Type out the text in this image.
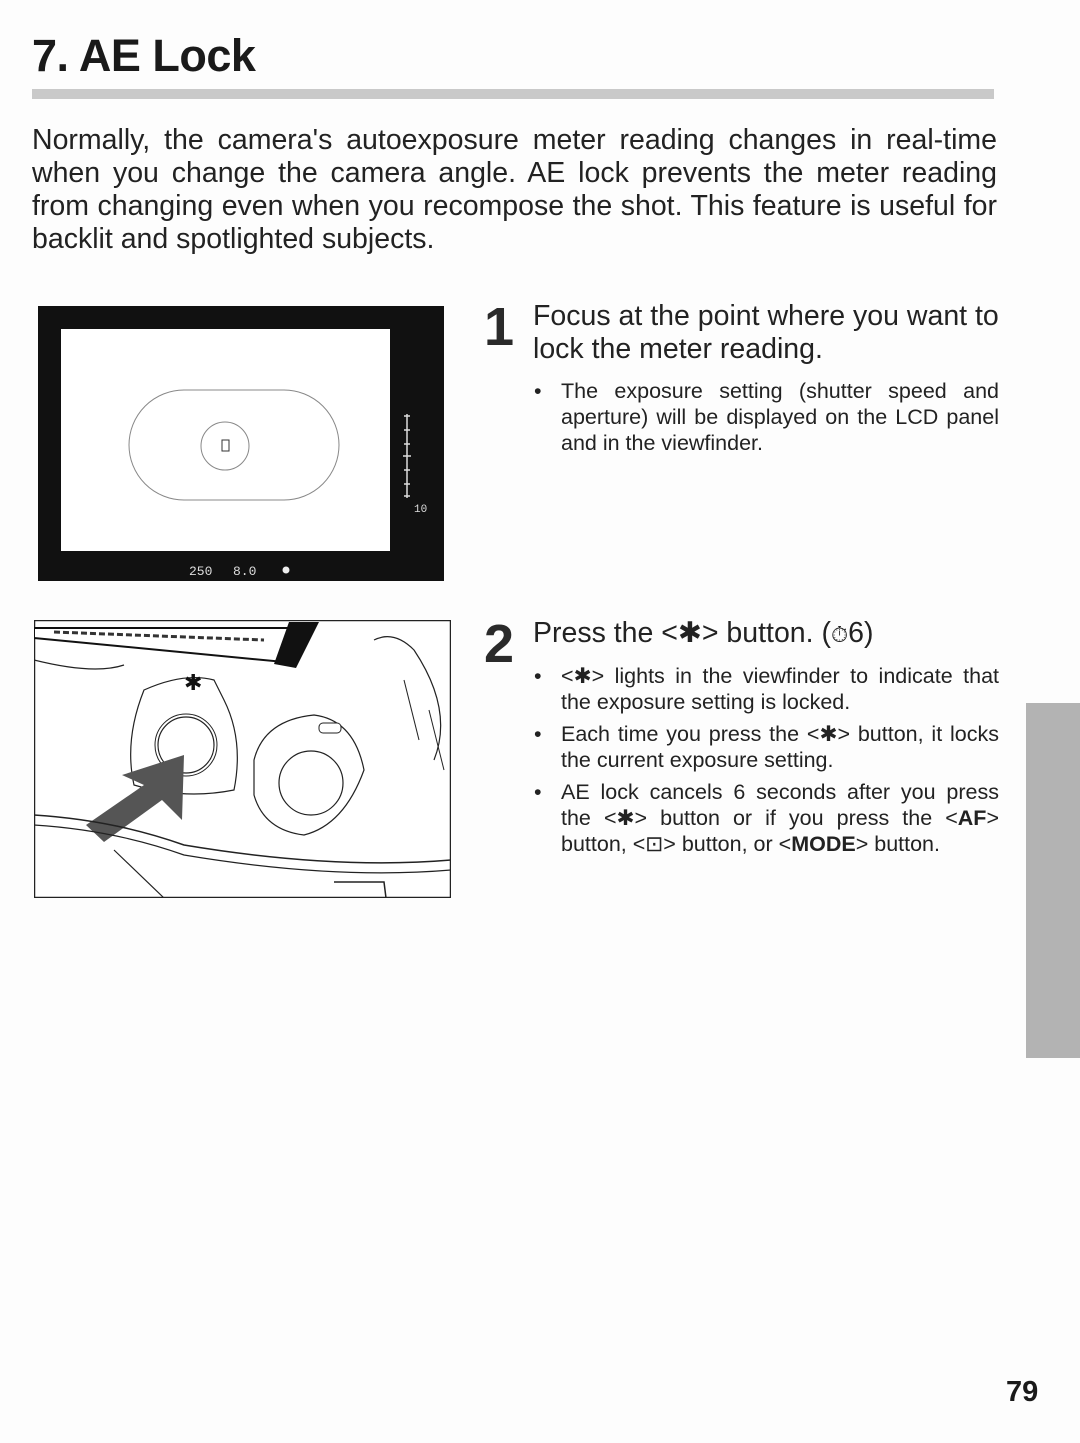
7. AE Lock

Normally, the camera's autoexposure meter reading changes in real-time when you change the camera angle. AE lock prevents the meter reading from changing even when you recompose the shot. This feature is useful for backlit and spotlighted subjects.

10
250 8.0
✱
1 Focus at the point where you want to lock the meter reading.
• The exposure setting (shutter speed and aperture) will be displayed on the LCD panel and in the viewfinder.
2 Press the <✱> button. (⏱6)
• <✱> lights in the viewfinder to indicate that the exposure setting is locked.
• Each time you press the <✱> button, it locks the current exposure setting.
• AE lock cancels 6 seconds after you press the <✱> button or if you press the <AF> button, <⊡> button, or <MODE> button.
79
